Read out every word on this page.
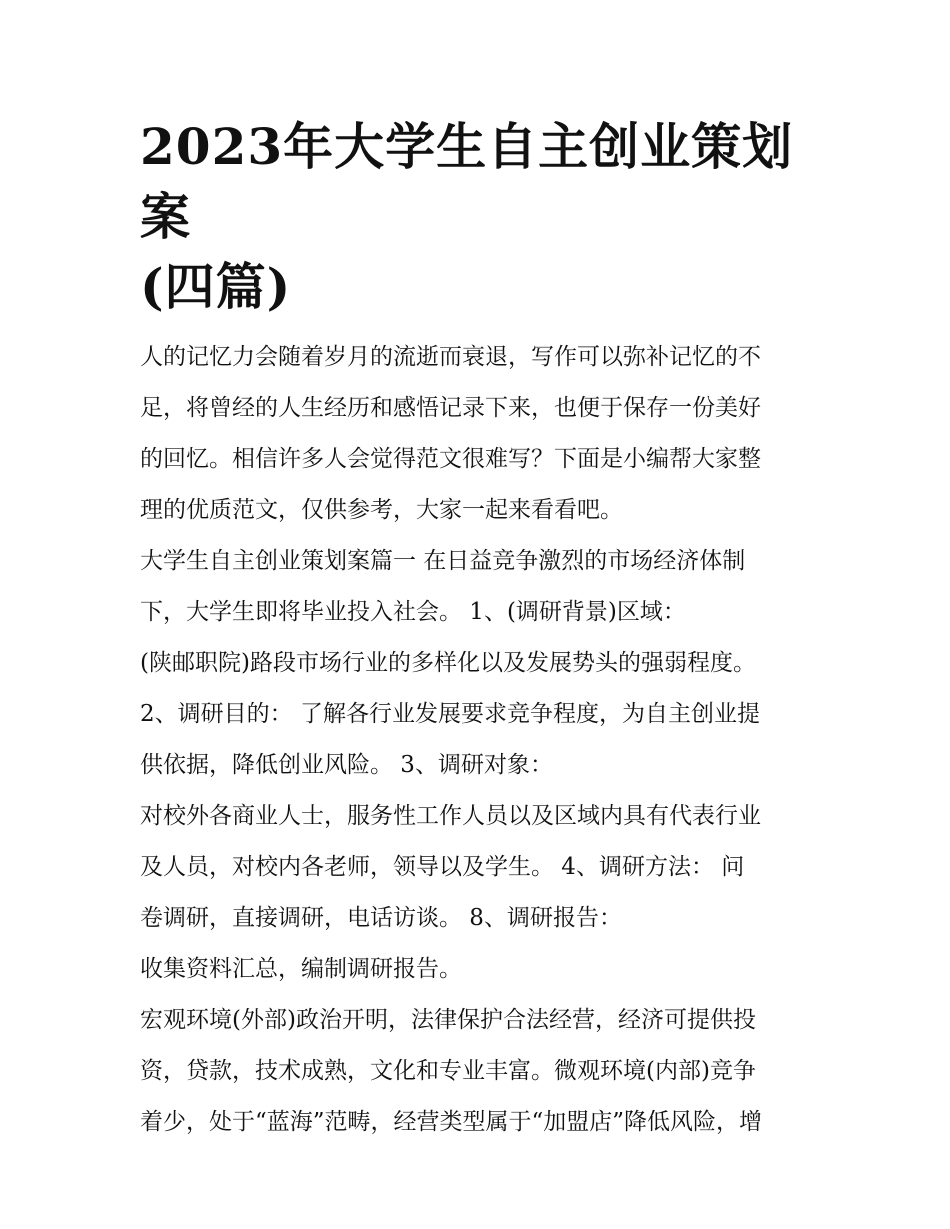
2023年大学生自主创业策划案
(四篇)
人的记忆力会随着岁月的流逝而衰退，写作可以弥补记忆的不
足，将曾经的人生经历和感悟记录下来，也便于保存一份美好
的回忆。相信许多人会觉得范文很难写？下面是小编帮大家整
理的优质范文，仅供参考，大家一起来看看吧。
大学生自主创业策划案篇一 在日益竞争激烈的市场经济体制
下，大学生即将毕业投入社会。 1、(调研背景)区域：
(陕邮职院)路段市场行业的多样化以及发展势头的强弱程度。
2、调研目的： 了解各行业发展要求竞争程度，为自主创业提
供依据，降低创业风险。 3、调研对象：
对校外各商业人士，服务性工作人员以及区域内具有代表行业
及人员，对校内各老师，领导以及学生。 4、调研方法： 问
卷调研，直接调研，电话访谈。 8、调研报告：
收集资料汇总，编制调研报告。
宏观环境(外部)政治开明，法律保护合法经营，经济可提供投
资，贷款，技术成熟，文化和专业丰富。微观环境(内部)竞争
着少，处于“蓝海”范畴，经营类型属于“加盟店”降低风险，增
